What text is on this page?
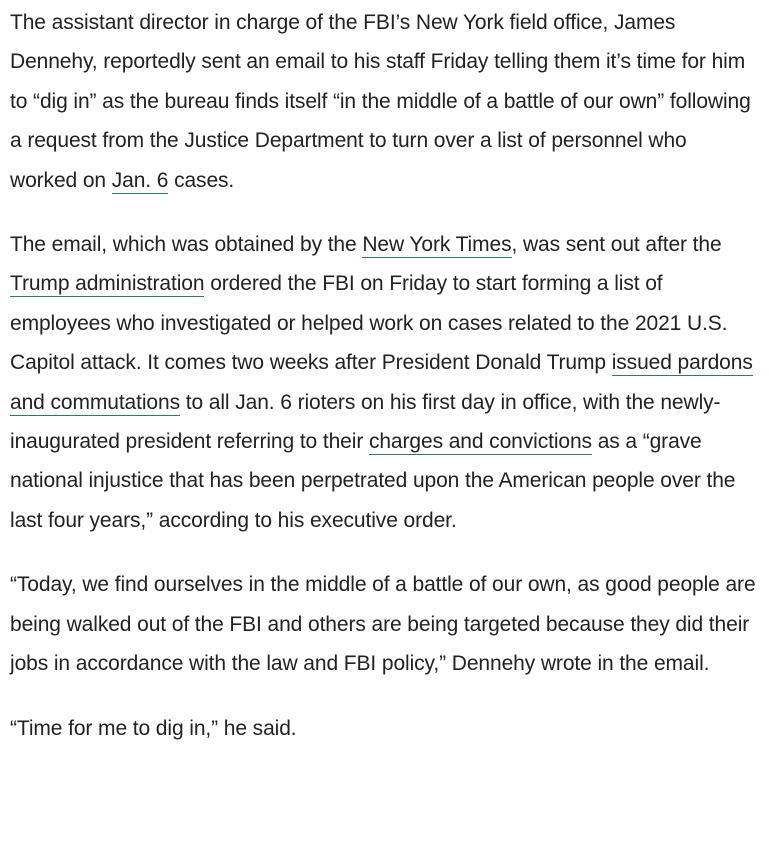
The assistant director in charge of the FBI’s New York field office, James Dennehy, reportedly sent an email to his staff Friday telling them it’s time for him to “dig in” as the bureau finds itself “in the middle of a battle of our own” following a request from the Justice Department to turn over a list of personnel who worked on Jan. 6 cases.

The email, which was obtained by the New York Times, was sent out after the Trump administration ordered the FBI on Friday to start forming a list of employees who investigated or helped work on cases related to the 2021 U.S. Capitol attack. It comes two weeks after President Donald Trump issued pardons and commutations to all Jan. 6 rioters on his first day in office, with the newly-inaugurated president referring to their charges and convictions as a “grave national injustice that has been perpetrated upon the American people over the last four years,” according to his executive order.

“Today, we find ourselves in the middle of a battle of our own, as good people are being walked out of the FBI and others are being targeted because they did their jobs in accordance with the law and FBI policy,” Dennehy wrote in the email.

“Time for me to dig in,” he said.
